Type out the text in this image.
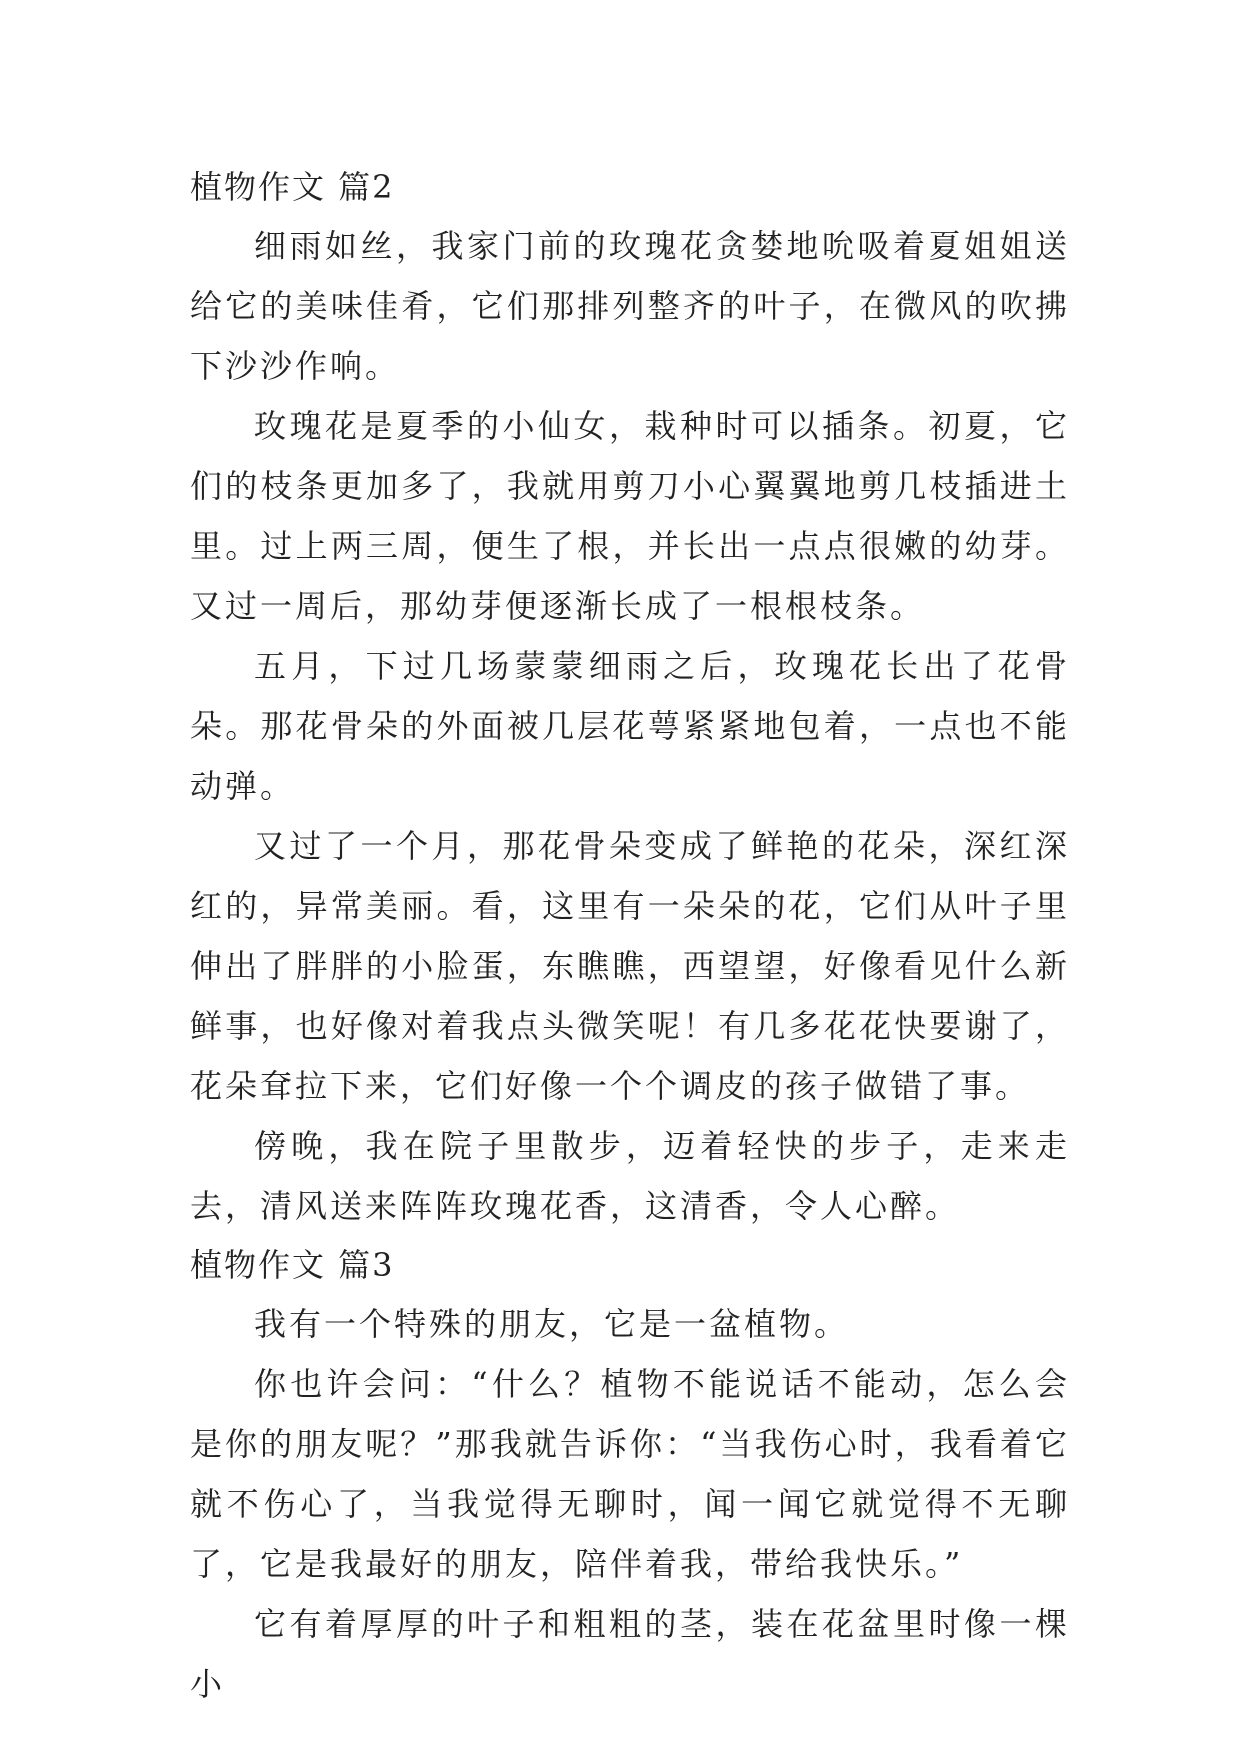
植物作文 篇2

细雨如丝，我家门前的玫瑰花贪婪地吮吸着夏姐姐送给它的美味佳肴，它们那排列整齐的叶子，在微风的吹拂下沙沙作响。

玫瑰花是夏季的小仙女，栽种时可以插条。初夏，它们的枝条更加多了，我就用剪刀小心翼翼地剪几枝插进土里。过上两三周，便生了根，并长出一点点很嫩的幼芽。又过一周后，那幼芽便逐渐长成了一根根枝条。

五月，下过几场蒙蒙细雨之后，玫瑰花长出了花骨朵。那花骨朵的外面被几层花萼紧紧地包着，一点也不能动弹。

又过了一个月，那花骨朵变成了鲜艳的花朵，深红深红的，异常美丽。看，这里有一朵朵的花，它们从叶子里伸出了胖胖的小脸蛋，东瞧瞧，西望望，好像看见什么新鲜事，也好像对着我点头微笑呢！有几多花花快要谢了，花朵耷拉下来，它们好像一个个调皮的孩子做错了事。

傍晚，我在院子里散步，迈着轻快的步子，走来走去，清风送来阵阵玫瑰花香，这清香，令人心醉。

植物作文 篇3

我有一个特殊的朋友，它是一盆植物。

你也许会问：“什么？植物不能说话不能动，怎么会是你的朋友呢？”那我就告诉你：“当我伤心时，我看着它就不伤心了，当我觉得无聊时，闻一闻它就觉得不无聊了，它是我最好的朋友，陪伴着我，带给我快乐。”

它有着厚厚的叶子和粗粗的茎，装在花盆里时像一棵小
